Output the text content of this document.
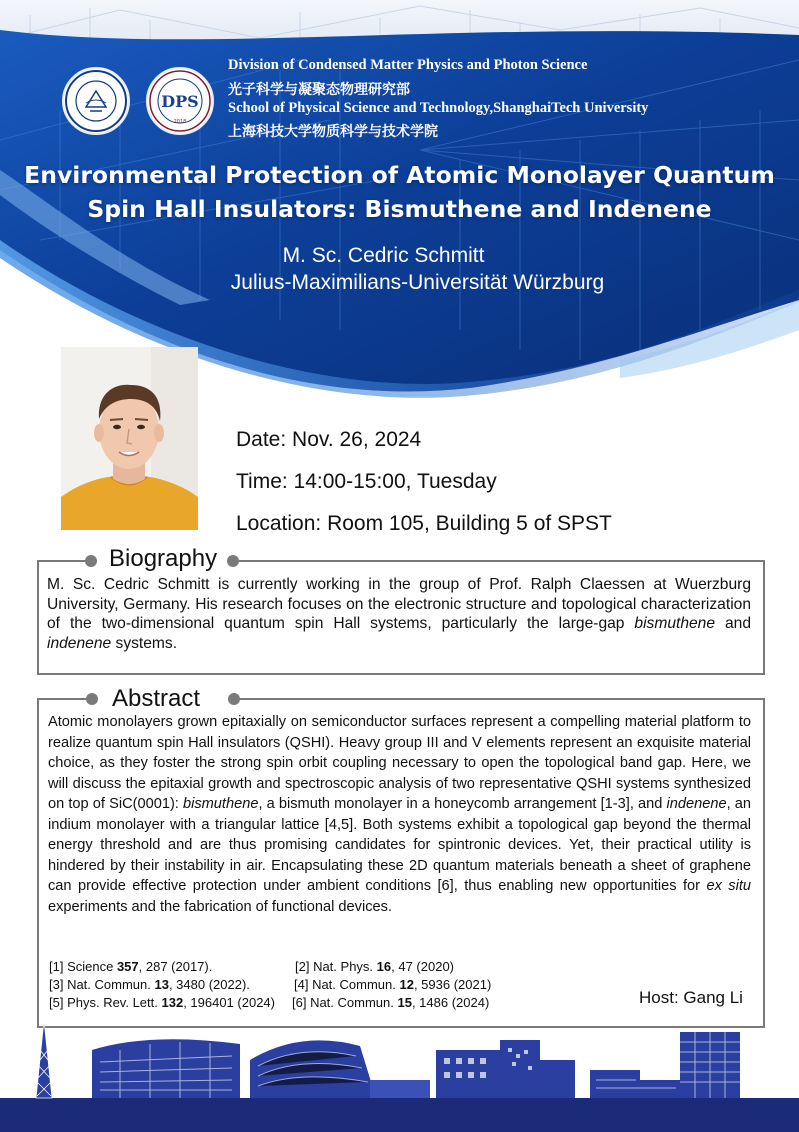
DPS
2018
Division of Condensed Matter Physics and Photon Science
光子科学与凝聚态物理研究部
School of Physical Science and Technology,ShanghaiTech University
上海科技大学物质科学与技术学院
Environmental Protection of Atomic Monolayer Quantum
Spin Hall Insulators: Bismuthene and Indenene
M. Sc. Cedric Schmitt
Julius-Maximilians-Universität Würzburg
Date: Nov. 26, 2024
Time: 14:00-15:00, Tuesday
Location: Room 105, Building 5 of SPST
Biography
M. Sc. Cedric Schmitt is currently working in the group of Prof. Ralph Claessen at Wuerzburg University, Germany. His research focuses on the electronic structure and topological characterization of the two-dimensional quantum spin Hall systems, particularly the large-gap bismuthene and indenene systems.
Abstract
Atomic monolayers grown epitaxially on semiconductor surfaces represent a compelling material platform to realize quantum spin Hall insulators (QSHI). Heavy group III and V elements represent an exquisite material choice, as they foster the strong spin orbit coupling necessary to open the topological band gap. Here, we will discuss the epitaxial growth and spectroscopic analysis of two representative QSHI systems synthesized on top of SiC(0001): bismuthene, a bismuth monolayer in a honeycomb arrangement [1-3], and indenene, an indium monolayer with a triangular lattice [4,5]. Both systems exhibit a topological gap beyond the thermal energy threshold and are thus promising candidates for spintronic devices. Yet, their practical utility is hindered by their instability in air. Encapsulating these 2D quantum materials beneath a sheet of graphene can provide effective protection under ambient conditions [6], thus enabling new opportunities for ex situ experiments and the fabrication of functional devices.
[1] Science 357, 287 (2017).	[2] Nat. Phys. 16, 47 (2020)
[3] Nat. Commun. 13, 3480 (2022).	[4] Nat. Commun. 12, 5936 (2021)
[5] Phys. Rev. Lett. 132, 196401 (2024) [6] Nat. Commun. 15, 1486 (2024)	Host: Gang Li
